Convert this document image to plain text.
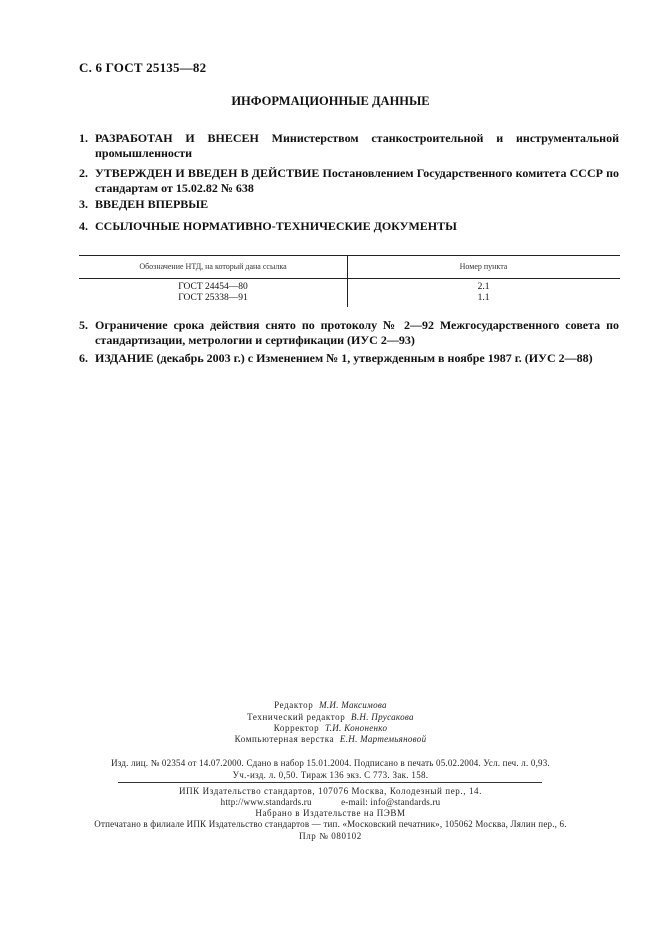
С. 6 ГОСТ 25135—82
ИНФОРМАЦИОННЫЕ ДАННЫЕ
1. РАЗРАБОТАН И ВНЕСЕН Министерством станкостроительной и инструментальной промышленности
2. УТВЕРЖДЕН И ВВЕДЕН В ДЕЙСТВИЕ Постановлением Государственного комитета СССР по стандартам от 15.02.82 № 638
3. ВВЕДЕН ВПЕРВЫЕ
4. ССЫЛОЧНЫЕ НОРМАТИВНО-ТЕХНИЧЕСКИЕ ДОКУМЕНТЫ
Обозначение НТД, на который дана ссылка	Номер пункта
ГОСТ 24454—80	2.1
ГОСТ 25338—91	1.1
5. Ограничение срока действия снято по протоколу № 2—92 Межгосударственного совета по стандартизации, метрологии и сертификации (ИУС 2—93)
6. ИЗДАНИЕ (декабрь 2003 г.) с Изменением № 1, утвержденным в ноябре 1987 г. (ИУС 2—88)
Редактор М.И. Максимова
Технический редактор В.Н. Прусакова
Корректор Т.И. Кононенко
Компьютерная верстка Е.Н. Мартемьяновой
Изд. лиц. № 02354 от 14.07.2000. Сдано в набор 15.01.2004. Подписано в печать 05.02.2004. Усл. печ. л. 0,93.
Уч.-изд. л. 0,50. Тираж 136 экз. С 773. Зак. 158.
ИПК Издательство стандартов, 107076 Москва, Колодезный пер., 14.
http://www.standards.ru	e-mail: info@standards.ru
Набрано в Издательстве на ПЭВМ
Отпечатано в филиале ИПК Издательство стандартов — тип. «Московский печатник», 105062 Москва, Лялин пер., 6.
Плр № 080102
